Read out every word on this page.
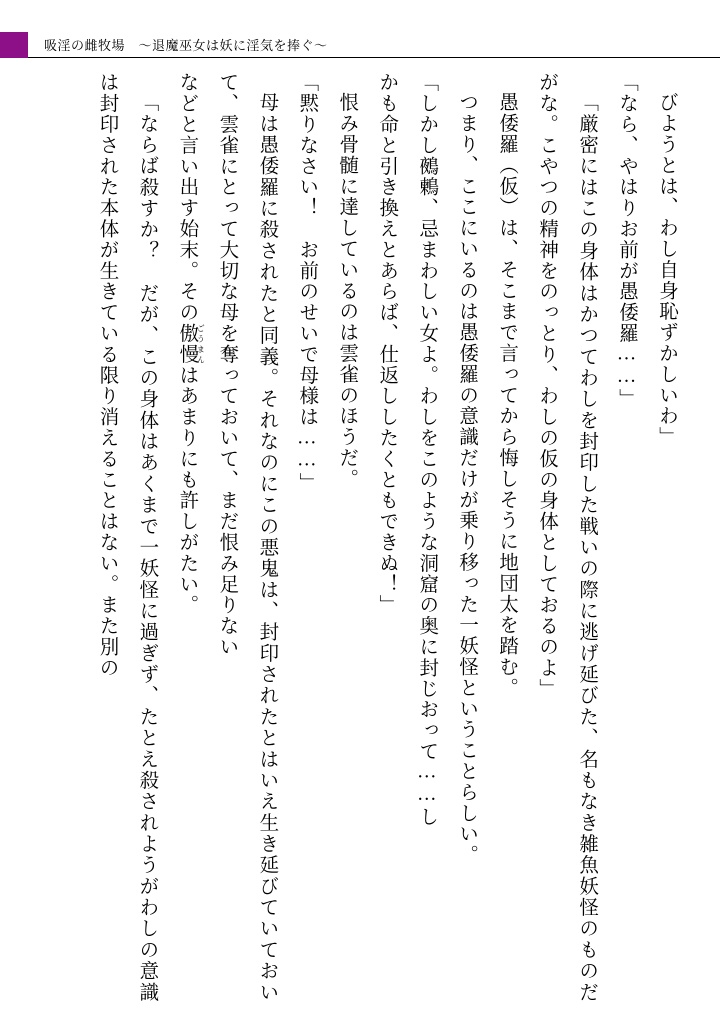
吸淫の雌牧場　〜退魔巫女は妖に淫気を捧ぐ〜

びようとは、わし自身恥ずかしいわ」

「なら、やはりお前が愚倭羅……」

「厳密にはこの身体はかつてわしを封印した戦いの際に逃げ延びた、名もなき雑魚妖怪のものだがな。こやつの精神をのっとり、わしの仮の身体としておるのよ」

愚倭羅（仮）は、そこまで言ってから悔しそうに地団太を踏む。

つまり、ここにいるのは愚倭羅の意識だけが乗り移った一妖怪ということらしい。

「しかし鵺鶫、忌まわしい女よ。わしをこのような洞窟の奥に封じおって……し

かも命と引き換えとあらば、仕返ししたくともできぬ！」

恨み骨髄に達しているのは雲雀のほうだ。

「黙りなさい！　お前のせいで母様は……」

母は愚倭羅に殺されたと同義。それなのにこの悪鬼は、封印されたとはいえ生き延びていておいて、雲雀にとって大切な母を奪っておいて、まだ恨み足りない

などと言い出す始末。その傲慢 ごうまんはあまりにも許しがたい。

「ならば殺すか？　だが、この身体はあくまで一妖怪に過ぎず、たとえ殺されようがわしの意識は封印された本体が生きている限り消えることはない。また別の
